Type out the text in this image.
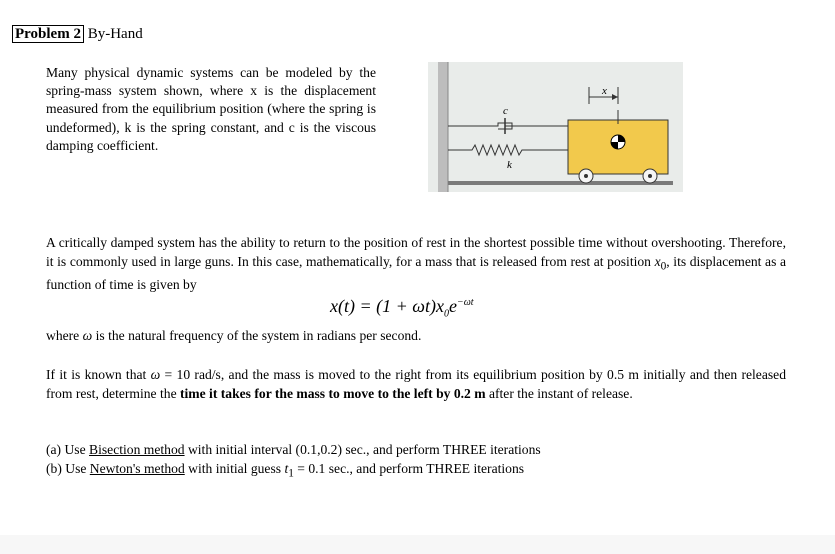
Problem 2 By-Hand
Many physical dynamic systems can be modeled by the spring-mass system shown, where x is the displacement measured from the equilibrium position (where the spring is undeformed), k is the spring constant, and c is the viscous damping coefficient.
x
c
k
A critically damped system has the ability to return to the position of rest in the shortest possible time without overshooting. Therefore, it is commonly used in large guns. In this case, mathematically, for a mass that is released from rest at position $x_0$, its displacement as a function of time is given by
$x(t) = (1 + \omega t)x_0e^{-\omega t}$
where ω is the natural frequency of the system in radians per second.
If it is known that ω = 10 rad/s, and the mass is moved to the right from its equilibrium position by 0.5 m initially and then released from rest, determine the time it takes for the mass to move to the left by 0.2 m after the instant of release.
(a) Use Bisection method with initial interval (0.1,0.2) sec., and perform THREE iterations
(b) Use Newton's method with initial guess $t_1 = 0.1$ sec., and perform THREE iterations
